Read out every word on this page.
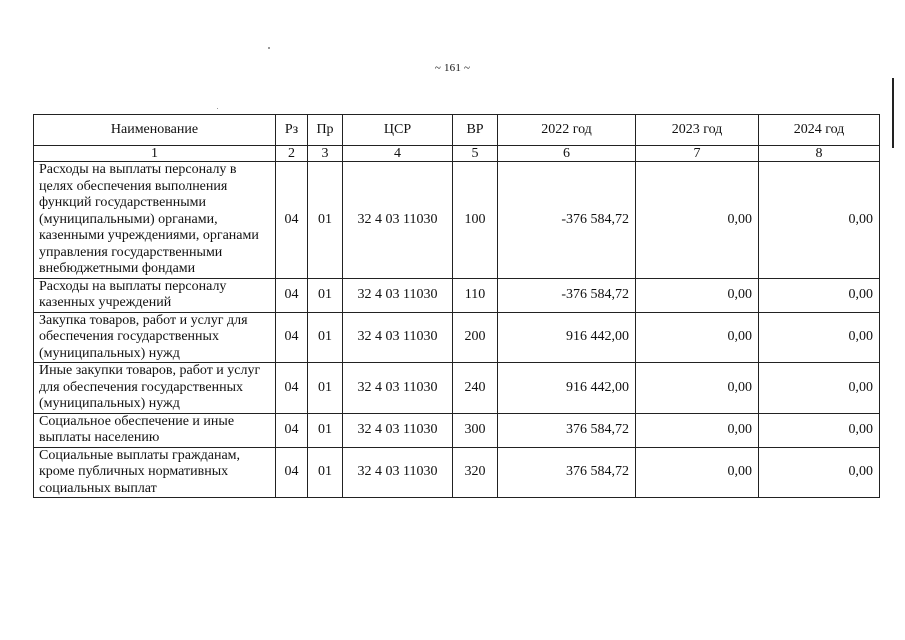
~ 161 ~
Наименование	Рз	Пр	ЦСР	ВР	2022 год	2023 год	2024 год
1	2	3	4	5	6	7	8
Расходы на выплаты персоналу в целях обеспечения выполнения функций государственными (муниципальными) органами, казенными учреждениями, органами управления государственными внебюджетными фондами	04	01	32 4 03 11030	100	-376 584,72	0,00	0,00
Расходы на выплаты персоналу казенных учреждений	04	01	32 4 03 11030	110	-376 584,72	0,00	0,00
Закупка товаров, работ и услуг для обеспечения государственных (муниципальных) нужд	04	01	32 4 03 11030	200	916 442,00	0,00	0,00
Иные закупки товаров, работ и услуг для обеспечения государственных (муниципальных) нужд	04	01	32 4 03 11030	240	916 442,00	0,00	0,00
Социальное обеспечение и иные выплаты населению	04	01	32 4 03 11030	300	376 584,72	0,00	0,00
Социальные выплаты гражданам, кроме публичных нормативных социальных выплат	04	01	32 4 03 11030	320	376 584,72	0,00	0,00
